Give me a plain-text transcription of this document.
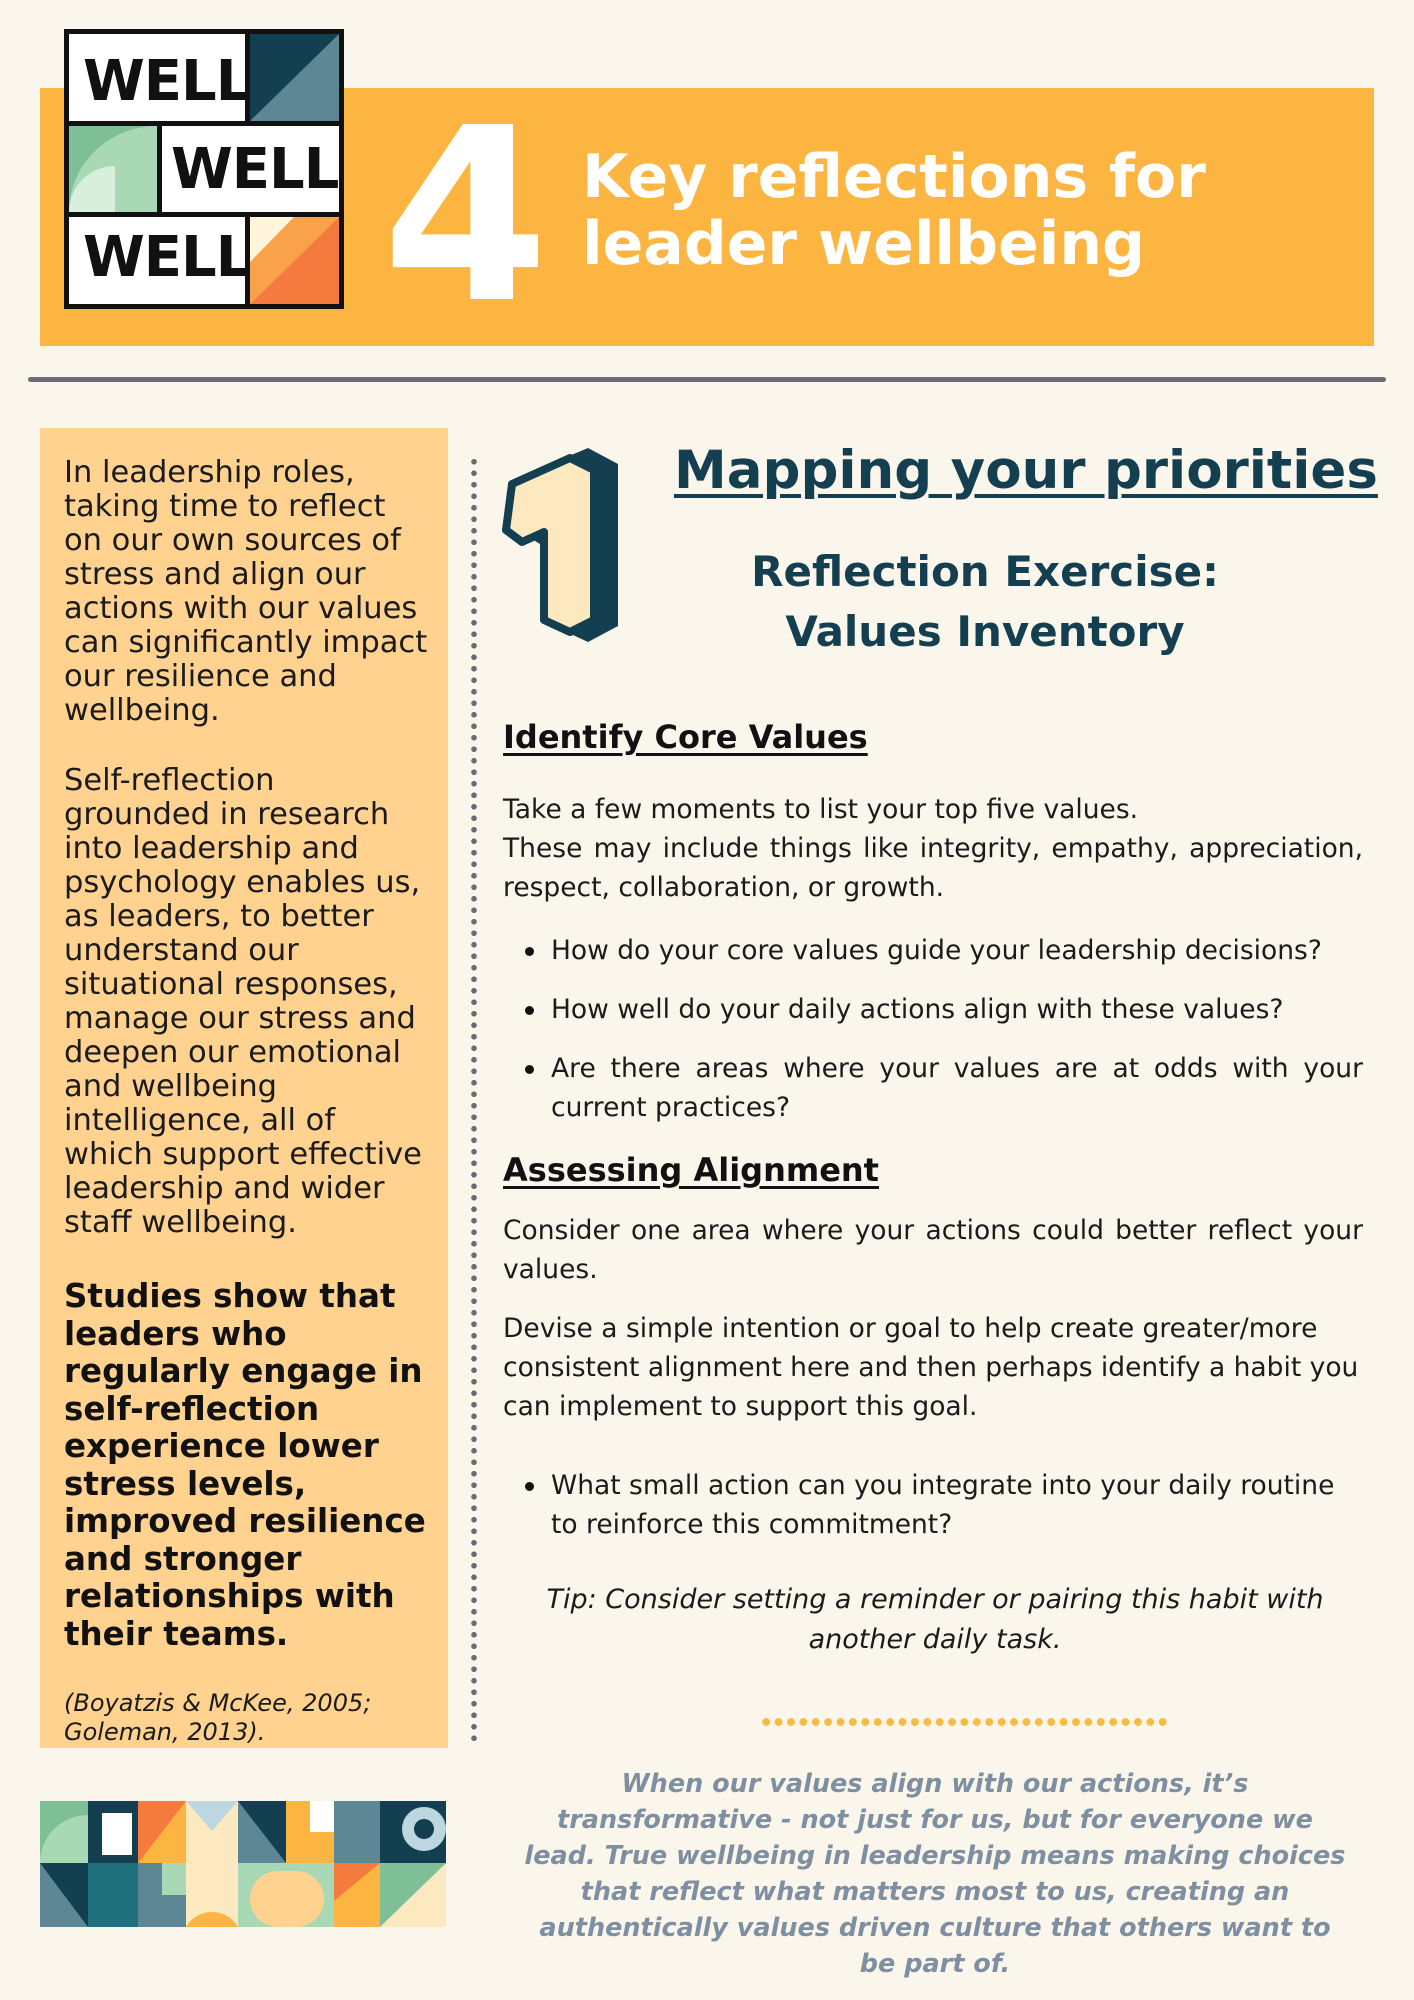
WELL
WELL
WELL 4 Key reflections for leader wellbeing

In leadership roles, taking time to reflect on our own sources of stress and align our actions with our values can significantly impact our resilience and wellbeing.

Self-reflection grounded in research into leadership and psychology enables us, as leaders, to better understand our situational responses, manage our stress and deepen our emotional and wellbeing intelligence, all of which support effective leadership and wider staff wellbeing.

Studies show that leaders who regularly engage in self-reflection experience lower stress levels, improved resilience and stronger relationships with their teams.

(Boyatzis & McKee, 2005; Goleman, 2013).

1	Mapping your priorities
Reflection Exercise:
Values Inventory
Identify Core Values

Take a few moments to list your top five values.

These may include things like integrity, empathy, appreciation, respect, collaboration, or growth.

How do your core values guide your leadership decisions?
How well do your daily actions align with these values?
Are there areas where your values are at odds with your current practices?
Assessing Alignment

Consider one area where your actions could better reflect your values.

Devise a simple intention or goal to help create greater/more consistent alignment here and then perhaps identify a habit you can implement to support this goal.

What small action can you integrate into your daily routine to reinforce this commitment?
Tip: Consider setting a reminder or pairing this habit with another daily task.
When our values align with our actions, it’s transformative - not just for us, but for everyone we lead. True wellbeing in leadership means making choices that reflect what matters most to us, creating an authentically values driven culture that others want to be part of.
